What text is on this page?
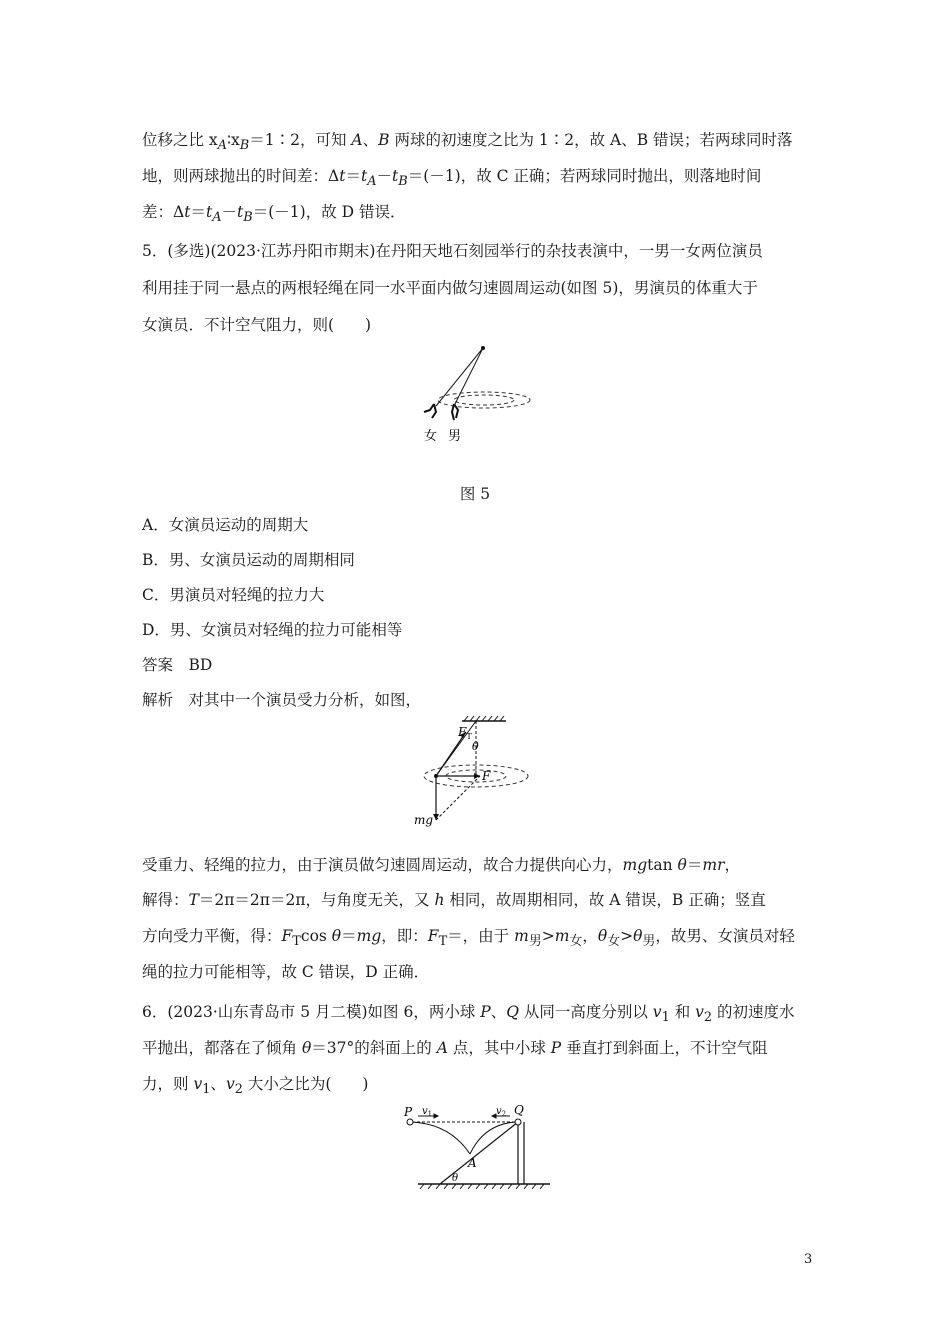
位移之比 $x_A∶x_B=1∶2$，可知 A、B 两球的初速度之比为 1∶2，故 A、B 错误；若两球同时落
地，则两球抛出的时间差：$\Delta t=t_A-t_B=(-1)$，故 C 正确；若两球同时抛出，则落地时间
差：$\Delta t=t_A-t_B=(-1)$，故 D 错误．
5．(多选)(2023·江苏丹阳市期末)在丹阳天地石刻园举行的杂技表演中，一男一女两位演员
利用挂于同一悬点的两根轻绳在同一水平面内做匀速圆周运动(如图 5)，男演员的体重大于
女演员．不计空气阻力，则(　　)
A．女演员运动的周期大
B．男、女演员运动的周期相同
C．男演员对轻绳的拉力大
D．男、女演员对轻绳的拉力可能相等
答案　BD
解析　对其中一个演员受力分析，如图，
受重力、轻绳的拉力，由于演员做匀速圆周运动，故合力提供向心力，mgtan θ＝mr，
解得：T＝2π＝2π＝2π，与角度无关，又 h 相同，故周期相同，故 A 错误，B 正确；竖直
方向受力平衡，得：$F_T\cos$ θ＝mg，即：$F_T=$，由于 $m_男>m_女$，$\theta_女>\theta_男$，故男、女演员对轻
绳的拉力可能相等，故 C 错误，D 正确．
6．(2023·山东青岛市 5 月二模)如图 6，两小球 P、Q 从同一高度分别以 $v_1$ 和 $v_2$ 的初速度水
平抛出，都落在了倾角 θ＝37°的斜面上的 A 点，其中小球 P 垂直打到斜面上，不计空气阻
力，则 $v_1$、$v_2$ 大小之比为(　　)
女 男
图 5
$F_T$
θ
F
mg
P	Q
$v_1$	$v_2$
A
θ
3
